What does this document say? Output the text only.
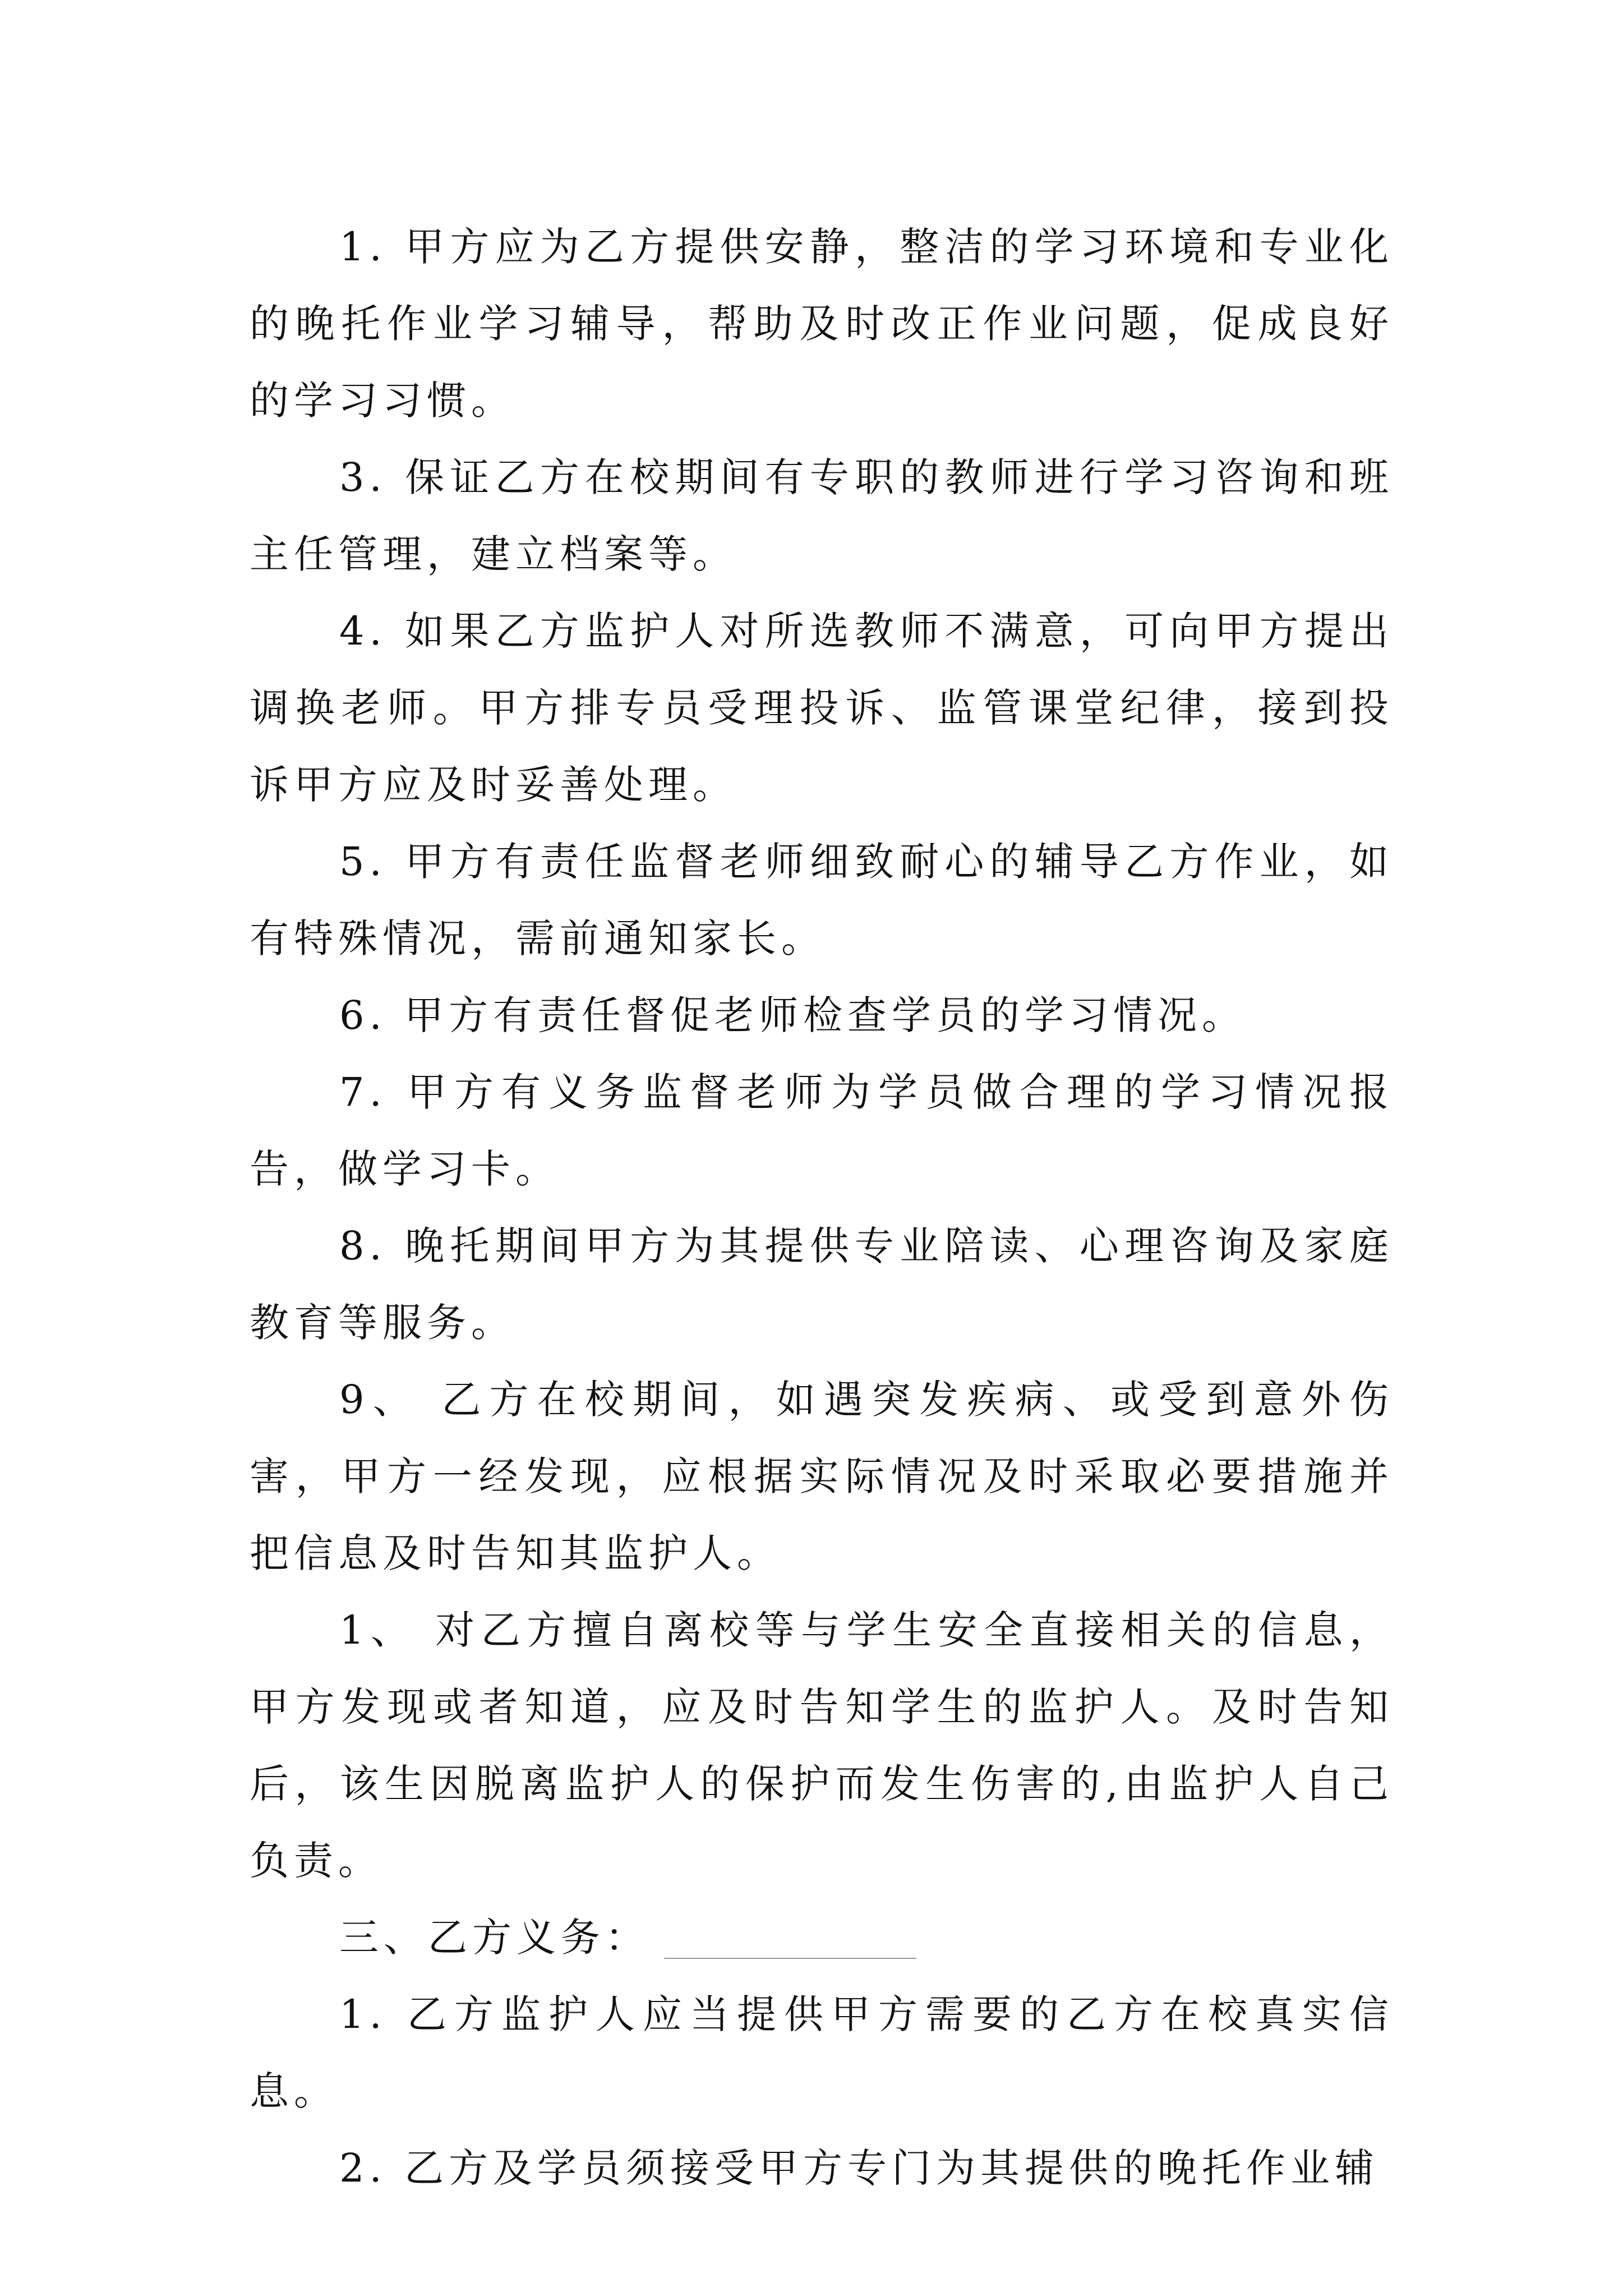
1. 甲方应为乙方提供安静，整洁的学习环境和专业化的晚托作业学习辅导，帮助及时改正作业问题，促成良好的学习习惯。

3. 保证乙方在校期间有专职的教师进行学习咨询和班主任管理，建立档案等。

4. 如果乙方监护人对所选教师不满意，可向甲方提出调换老师。甲方排专员受理投诉、监管课堂纪律，接到投诉甲方应及时妥善处理。

5. 甲方有责任监督老师细致耐心的辅导乙方作业，如有特殊情况，需前通知家长。

6. 甲方有责任督促老师检查学员的学习情况。

7. 甲方有义务监督老师为学员做合理的学习情况报告，做学习卡。

8. 晚托期间甲方为其提供专业陪读、心理咨询及家庭教育等服务。

9、 乙方在校期间，如遇突发疾病、或受到意外伤害，甲方一经发现，应根据实际情况及时采取必要措施并把信息及时告知其监护人。

1、 对乙方擅自离校等与学生安全直接相关的信息，甲方发现或者知道，应及时告知学生的监护人。及时告知后，该生因脱离监护人的保护而发生伤害的,由监护人自己负责。

三、乙方义务：

1. 乙方监护人应当提供甲方需要的乙方在校真实信息。

2. 乙方及学员须接受甲方专门为其提供的晚托作业辅
